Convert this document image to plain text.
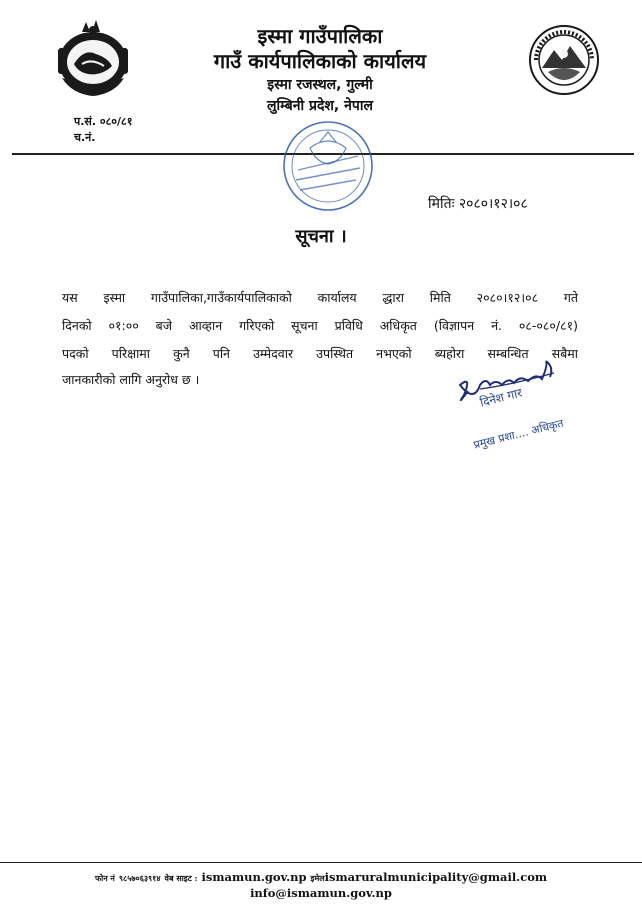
इस्मा गाउँपालिका
गाउँ कार्यपालिकाको कार्यालय
इस्मा रजस्थल, गुल्मी
लुम्बिनी प्रदेश, नेपाल
प.सं. ०८०/८१
च.नं.
मितिः २०८०।१२।०८
सूचना ।
यस इस्मा गाउँपालिका,गाउँकार्यपालिकाको कार्यालय द्धारा मिति २०८०।१२।०८ गते
दिनको ०१:०० बजे आव्हान गरिएको सूचना प्रविधि अधिकृत (विज्ञापन नं. ०८-०८०/८१)
पदको परिक्षामा कुनै पनि उम्मेदवार उपस्थित नभएको ब्यहोरा सम्बन्धित सबैमा
जानकारीको लागि अनुरोध छ ।
दिनेश गार
प्रमुख प्रशा.... अधिकृत
फोन नं ९८५७०६३९१४ वेब साइट : ismamun.gov.np इमेलismaruralmunicipality@gmail.com
info@ismamun.gov.np
